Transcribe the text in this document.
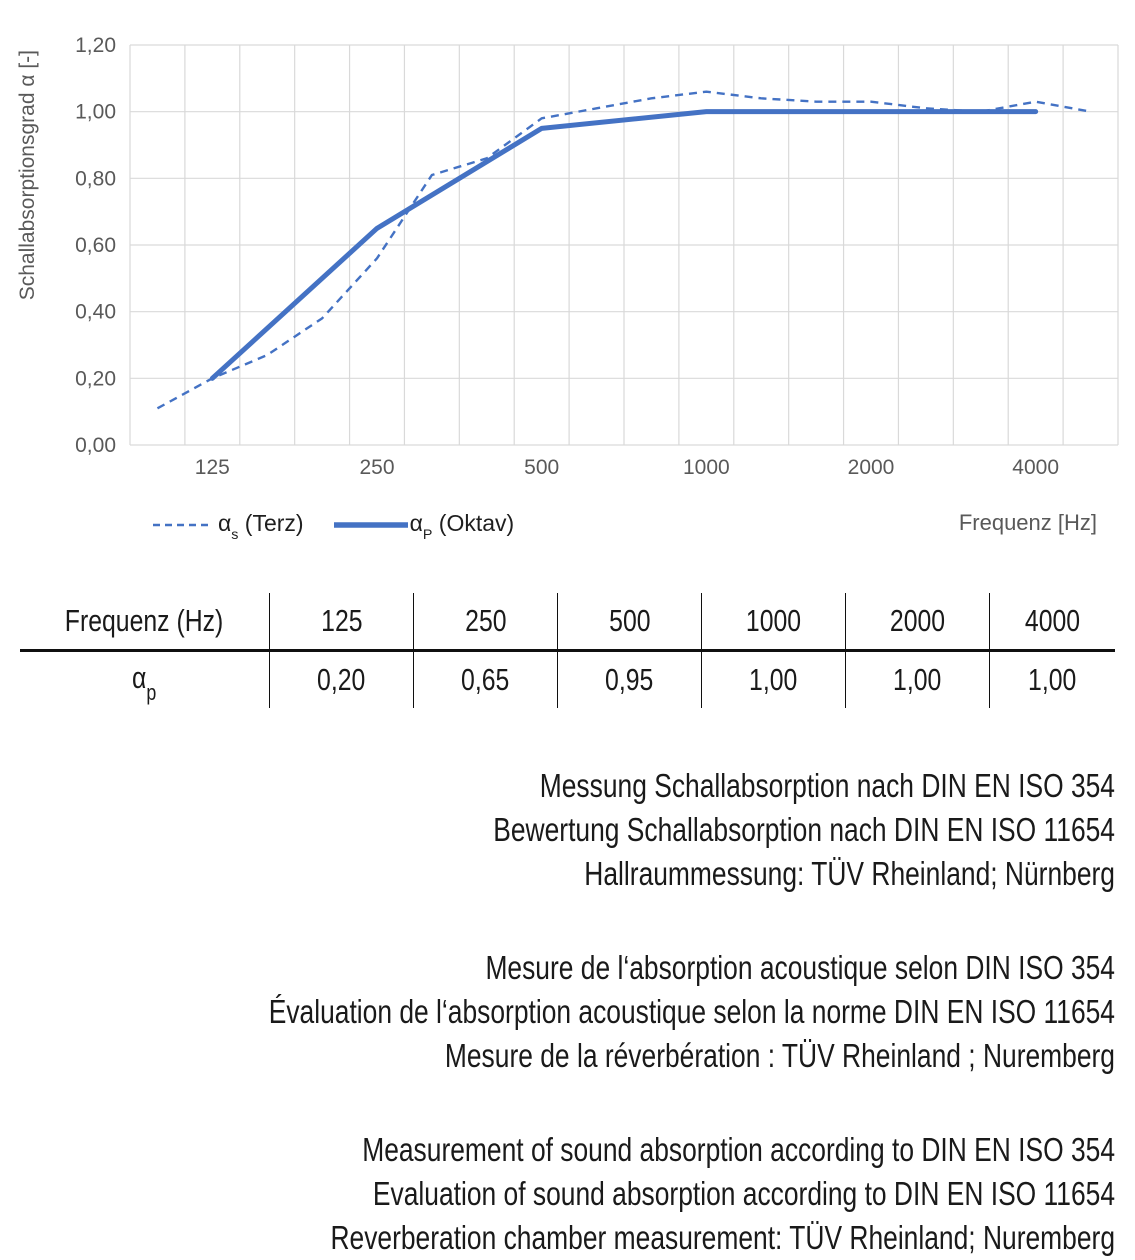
Schallabsorptionsgrad α [-]
1,20
1,00
0,80
0,60
0,40
0,20
0,00
125	250	500	1000	2000	4000
$\alpha_s$ (Terz)	$\alpha_P$ (Oktav)	Frequenz [Hz]
Frequenz (Hz)	125	250	500	1000	2000	4000
$\alpha_p$	0,20	0,65	0,95	1,00	1,00	1,00
Messung Schallabsorption nach DIN EN ISO 354
Bewertung Schallabsorption nach DIN EN ISO 11654
Hallraummessung: TÜV Rheinland; Nürnberg
Mesure de l‘absorption acoustique selon DIN ISO 354
Évaluation de l‘absorption acoustique selon la norme DIN EN ISO 11654
Mesure de la réverbération : TÜV Rheinland ; Nuremberg
Measurement of sound absorption according to DIN EN ISO 354
Evaluation of sound absorption according to DIN EN ISO 11654
Reverberation chamber measurement: TÜV Rheinland; Nuremberg
